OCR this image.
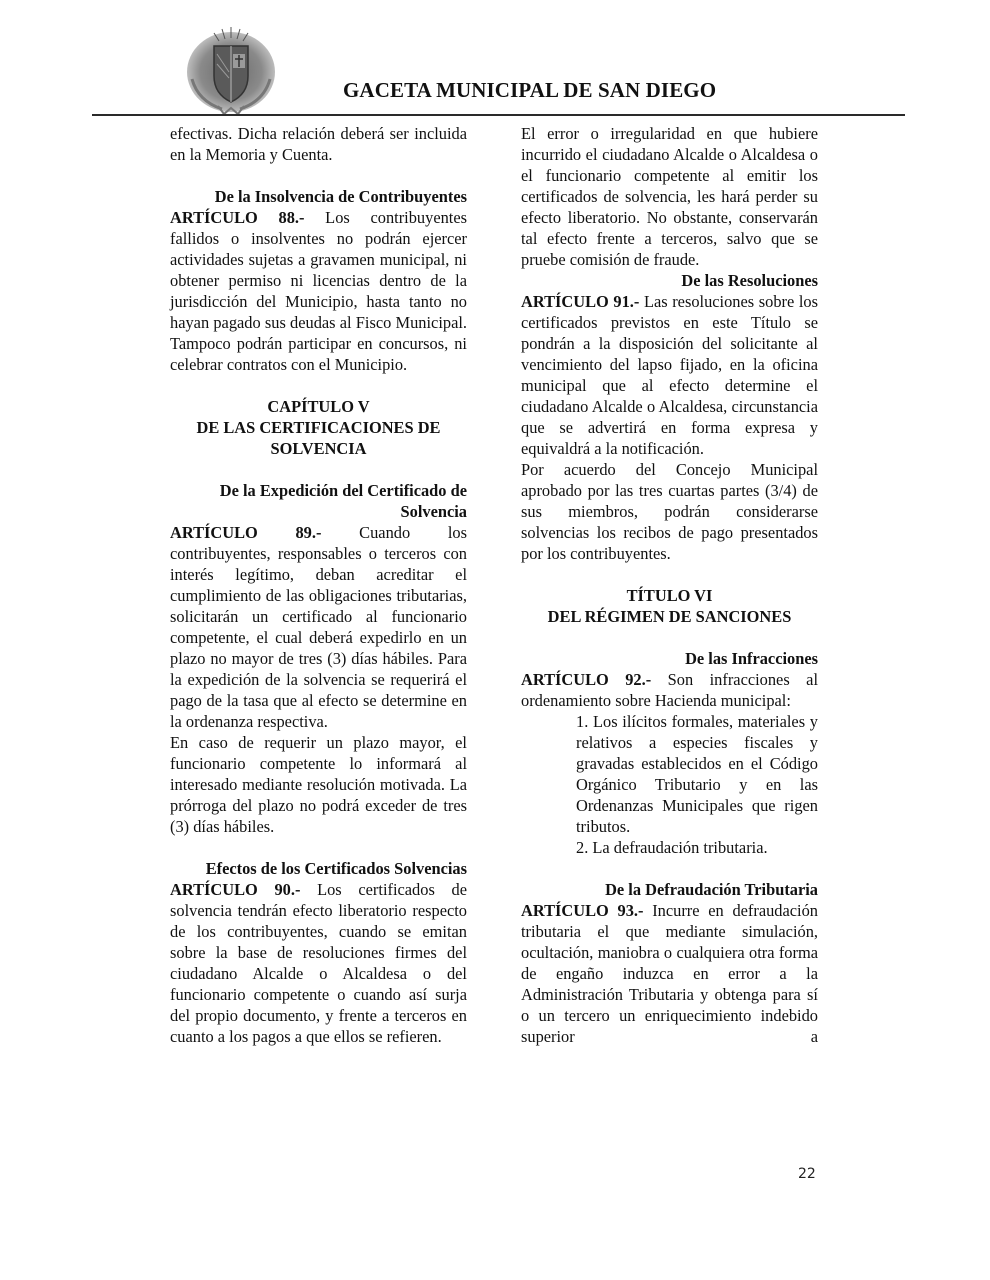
GACETA MUNICIPAL DE SAN DIEGO

efectivas. Dicha relación deberá ser incluida en la Memoria y Cuenta.

De la Insolvencia de Contribuyentes

ARTÍCULO 88.- Los contribuyentes fallidos o insolventes no podrán ejercer actividades sujetas a gravamen municipal, ni obtener permiso ni licencias dentro de la jurisdicción del Municipio, hasta tanto no hayan pagado sus deudas al Fisco Municipal. Tampoco podrán participar en concursos, ni celebrar contratos con el Municipio.

CAPÍTULO V

DE LAS CERTIFICACIONES DE

SOLVENCIA

De la Expedición del Certificado de

Solvencia

ARTÍCULO 89.- Cuando los contribuyentes, responsables o terceros con interés legítimo, deban acreditar el cumplimiento de las obligaciones tributarias, solicitarán un certificado al funcionario competente, el cual deberá expedirlo en un plazo no mayor de tres (3) días hábiles. Para la expedición de la solvencia se requerirá el pago de la tasa que al efecto se determine en la ordenanza respectiva.

En caso de requerir un plazo mayor, el funcionario competente lo informará al interesado mediante resolución motivada. La prórroga del plazo no podrá exceder de tres (3) días hábiles.

Efectos de los Certificados Solvencias

ARTÍCULO 90.- Los certificados de solvencia tendrán efecto liberatorio respecto de los contribuyentes, cuando se emitan sobre la base de resoluciones firmes del ciudadano Alcalde o Alcaldesa o del funcionario competente o cuando así surja del propio documento, y frente a terceros en cuanto a los pagos a que ellos se refieren.

El error o irregularidad en que hubiere incurrido el ciudadano Alcalde o Alcaldesa o el funcionario competente al emitir los certificados de solvencia, les hará perder su efecto liberatorio. No obstante, conservarán tal efecto frente a terceros, salvo que se pruebe comisión de fraude.

De las Resoluciones

ARTÍCULO 91.- Las resoluciones sobre los certificados previstos en este Título se pondrán a la disposición del solicitante al vencimiento del lapso fijado, en la oficina municipal que al efecto determine el ciudadano Alcalde o Alcaldesa, circunstancia que se advertirá en forma expresa y equivaldrá a la notificación.

Por acuerdo del Concejo Municipal aprobado por las tres cuartas partes (3/4) de sus miembros, podrán considerarse solvencias los recibos de pago presentados por los contribuyentes.

TÍTULO VI

DEL RÉGIMEN DE SANCIONES

De las Infracciones

ARTÍCULO 92.- Son infracciones al ordenamiento sobre Hacienda municipal:

1. Los ilícitos formales, materiales y relativos a especies fiscales y gravadas establecidos en el Código Orgánico Tributario y en las Ordenanzas Municipales que rigen tributos.

2. La defraudación tributaria.

De la Defraudación Tributaria

ARTÍCULO 93.- Incurre en defraudación tributaria el que mediante simulación, ocultación, maniobra o cualquiera otra forma de engaño induzca en error a la Administración Tributaria y obtenga para sí o un tercero un enriquecimiento indebido superior a

22
